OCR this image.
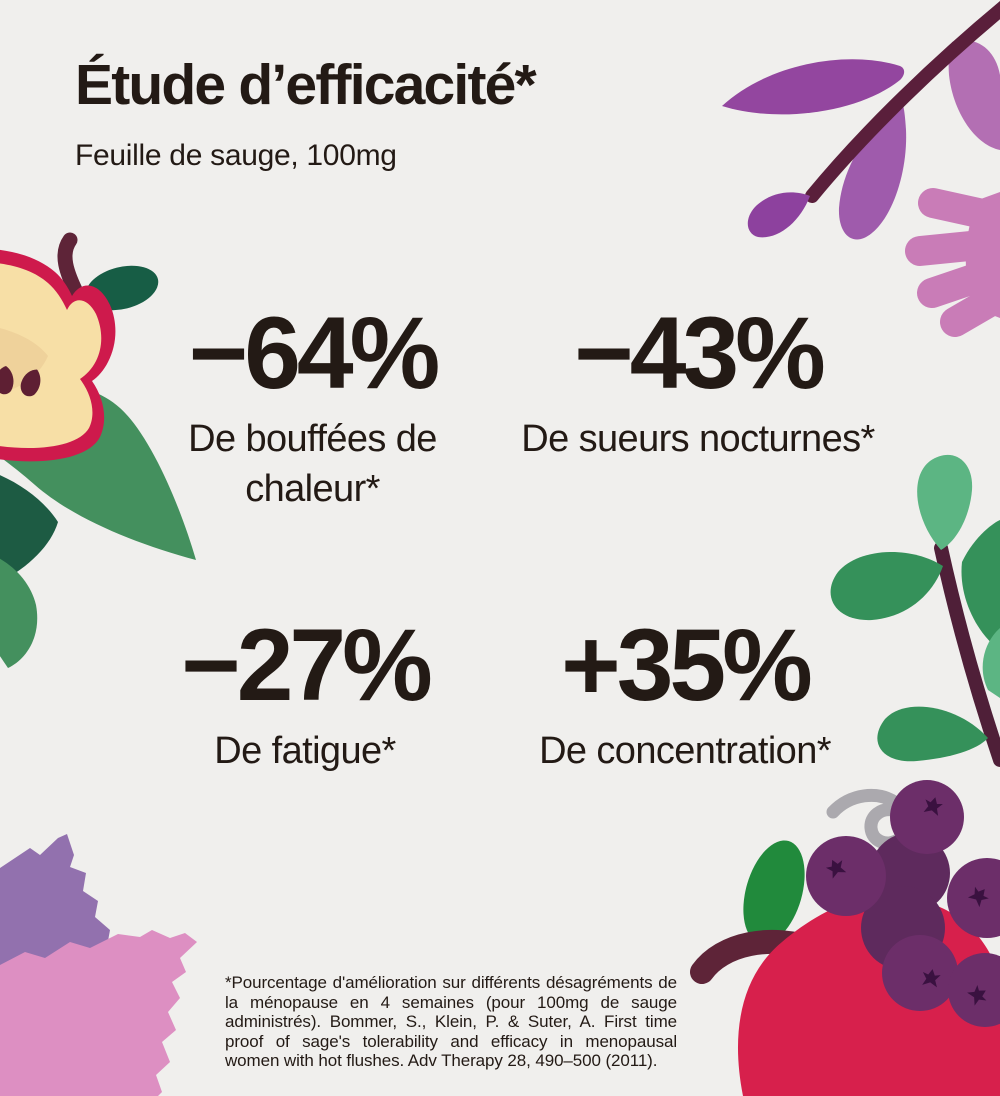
Étude d’efficacité*

Feuille de sauge, 100mg

−64%
De bouffées de chaleur*
−43%
De sueurs nocturnes*
−27%
De fatigue*
+35%
De concentration*

*Pourcentage d'amélioration sur différents désagréments de la ménopause en 4 semaines (pour 100mg de sauge administrés). Bommer, S., Klein, P. & Suter, A. First time proof of sage's tolerability and efficacy in menopausal women with hot flushes. Adv Therapy 28, 490–500 (2011).
